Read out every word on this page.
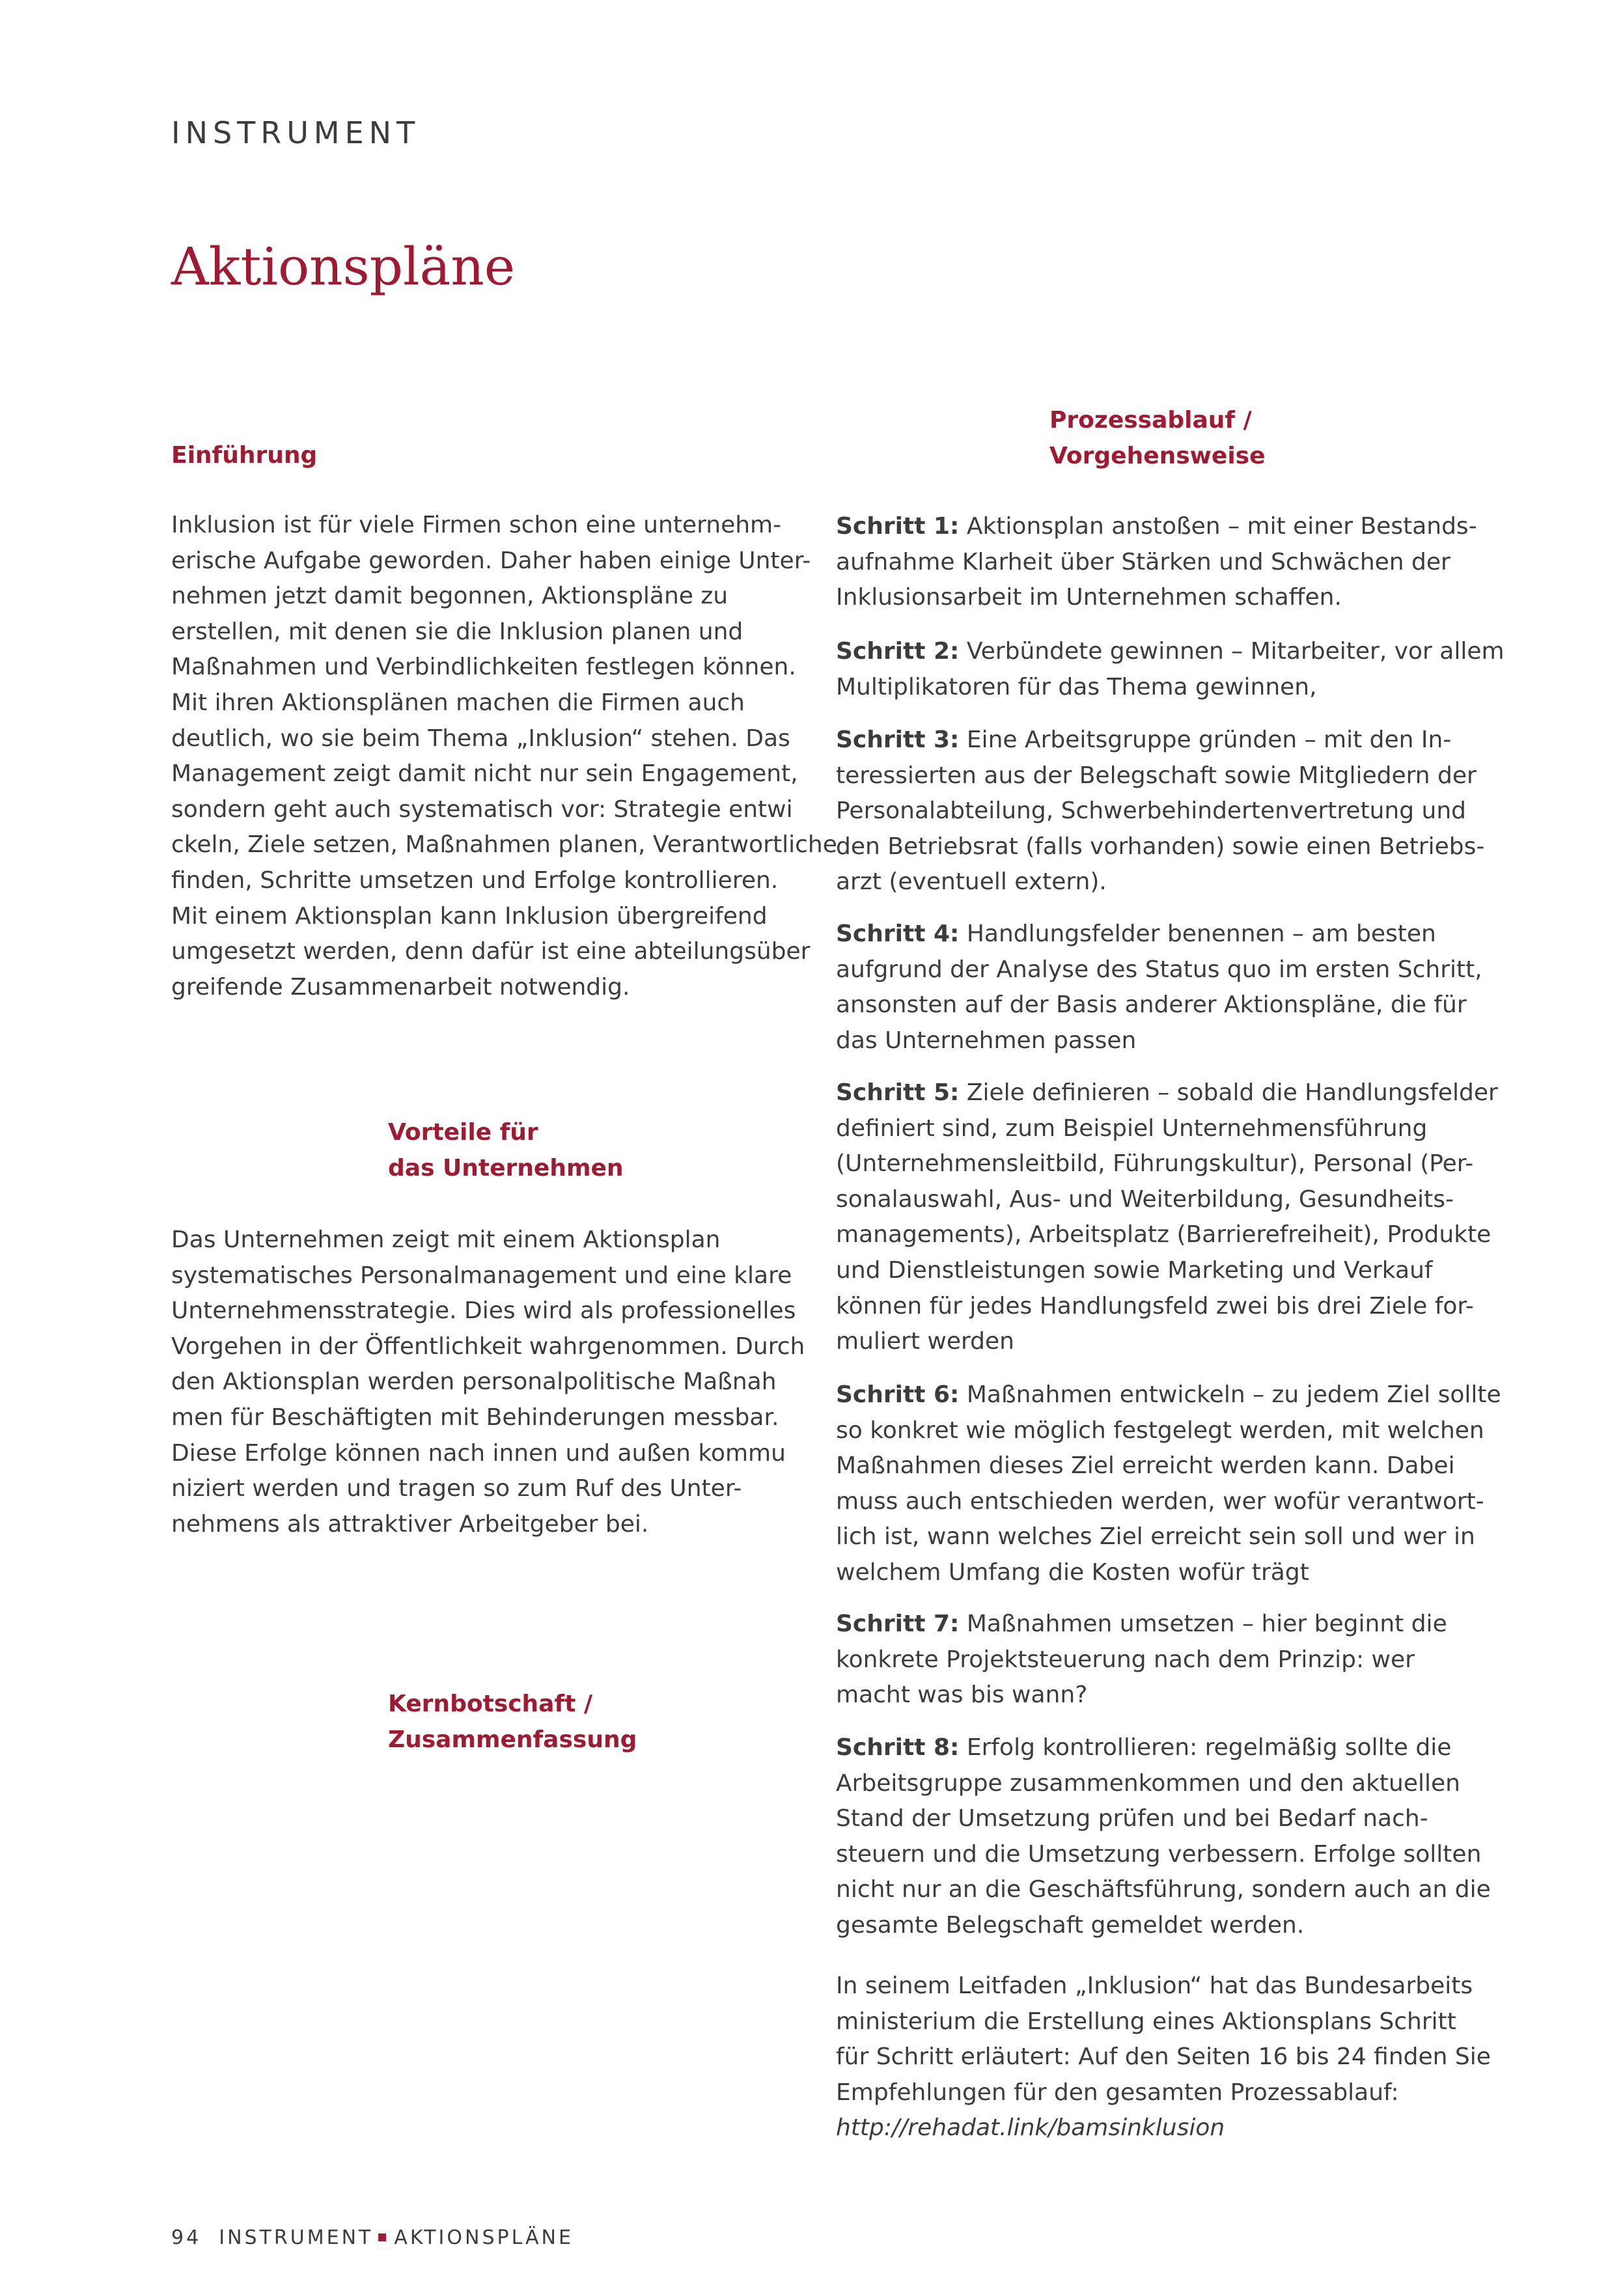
INSTRUMENT
Aktionspläne
Einführung

Inklusion ist für viele Firmen schon eine unternehm-

erische Aufgabe geworden. Daher haben einige Unter-

nehmen jetzt damit begonnen, Aktionspläne zu

erstellen, mit denen sie die Inklusion planen und

Maßnahmen und Verbindlichkeiten festlegen können.

Mit ihren Aktionsplänen machen die Firmen auch

deutlich, wo sie beim Thema „Inklusion“ stehen. Das

Management zeigt damit nicht nur sein Engagement,

sondern geht auch systematisch vor: Strategie entwi

ckeln, Ziele setzen, Maßnahmen planen, Verantwortliche

finden, Schritte umsetzen und Erfolge kontrollieren.

Mit einem Aktionsplan kann Inklusion übergreifend

umgesetzt werden, denn dafür ist eine abteilungsüber

greifende Zusammenarbeit notwendig.

Vorteile für
das Unternehmen

Das Unternehmen zeigt mit einem Aktionsplan

systematisches Personalmanagement und eine klare

Unternehmensstrategie. Dies wird als professionelles

Vorgehen in der Öffentlichkeit wahrgenommen. Durch

den Aktionsplan werden personalpolitische Maßnah

men für Beschäftigten mit Behinderungen messbar.

Diese Erfolge können nach innen und außen kommu

niziert werden und tragen so zum Ruf des Unter-

nehmens als attraktiver Arbeitgeber bei.

Kernbotschaft /
Zusammenfassung
Prozessablauf /
Vorgehensweise

Schritt 1: Aktionsplan anstoßen – mit einer Bestands-

aufnahme Klarheit über Stärken und Schwächen der

Inklusionsarbeit im Unternehmen schaffen.

Schritt 2: Verbündete gewinnen – Mitarbeiter, vor allem

Multiplikatoren für das Thema gewinnen,

Schritt 3: Eine Arbeitsgruppe gründen – mit den In-

teressierten aus der Belegschaft sowie Mitgliedern der

Personalabteilung, Schwerbehindertenvertretung und

den Betriebsrat (falls vorhanden) sowie einen Betriebs-

arzt (eventuell extern).

Schritt 4: Handlungsfelder benennen – am besten

aufgrund der Analyse des Status quo im ersten Schritt,

ansonsten auf der Basis anderer Aktionspläne, die für

das Unternehmen passen

Schritt 5: Ziele definieren – sobald die Handlungsfelder

definiert sind, zum Beispiel Unternehmensführung

(Unternehmensleitbild, Führungskultur), Personal (Per-

sonalauswahl, Aus- und Weiterbildung, Gesundheits-

managements), Arbeitsplatz (Barrierefreiheit), Produkte

und Dienstleistungen sowie Marketing und Verkauf

können für jedes Handlungsfeld zwei bis drei Ziele for-

muliert werden

Schritt 6: Maßnahmen entwickeln – zu jedem Ziel sollte

so konkret wie möglich festgelegt werden, mit welchen

Maßnahmen dieses Ziel erreicht werden kann. Dabei

muss auch entschieden werden, wer wofür verantwort-

lich ist, wann welches Ziel erreicht sein soll und wer in

welchem Umfang die Kosten wofür trägt

Schritt 7: Maßnahmen umsetzen – hier beginnt die

konkrete Projektsteuerung nach dem Prinzip: wer

macht was bis wann?

Schritt 8: Erfolg kontrollieren: regelmäßig sollte die

Arbeitsgruppe zusammenkommen und den aktuellen

Stand der Umsetzung prüfen und bei Bedarf nach-

steuern und die Umsetzung verbessern. Erfolge sollten

nicht nur an die Geschäftsführung, sondern auch an die

gesamte Belegschaft gemeldet werden.

In seinem Leitfaden „Inklusion“ hat das Bundesarbeits

ministerium die Erstellung eines Aktionsplans Schritt

für Schritt erläutert: Auf den Seiten 16 bis 24 finden Sie

Empfehlungen für den gesamten Prozessablauf:

http://rehadat.link/bamsinklusion

94 INSTRUMENT AKTIONSPLÄNE
